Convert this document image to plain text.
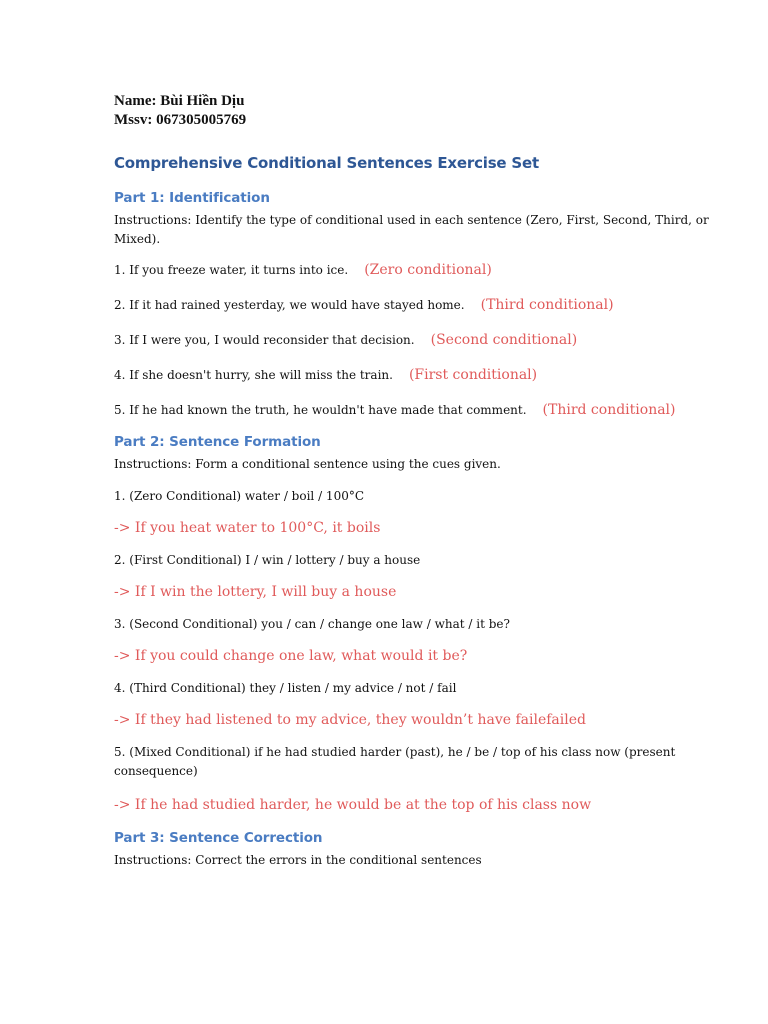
Name: Bùi Hiền Dịu

Mssv: 067305005769

Comprehensive Conditional Sentences Exercise Set
Part 1: Identification

Instructions: Identify the type of conditional used in each sentence (Zero, First, Second, Third, or Mixed).

1. If you freeze water, it turns into ice. (Zero conditional)

2. If it had rained yesterday, we would have stayed home. (Third conditional)

3. If I were you, I would reconsider that decision. (Second conditional)

4. If she doesn't hurry, she will miss the train. (First conditional)

5. If he had known the truth, he wouldn't have made that comment. (Third conditional)

Part 2: Sentence Formation

Instructions: Form a conditional sentence using the cues given.

1. (Zero Conditional) water / boil / 100°C

-> If you heat water to 100°C, it boils

2. (First Conditional) I / win / lottery / buy a house

-> If I win the lottery, I will buy a house

3. (Second Conditional) you / can / change one law / what / it be?

-> If you could change one law, what would it be?

4. (Third Conditional) they / listen / my advice / not / fail

-> If they had listened to my advice, they wouldn’t have failefailed

5. (Mixed Conditional) if he had studied harder (past), he / be / top of his class now (present consequence)

-> If he had studied harder, he would be at the top of his class now

Part 3: Sentence Correction

Instructions: Correct the errors in the conditional sentences
